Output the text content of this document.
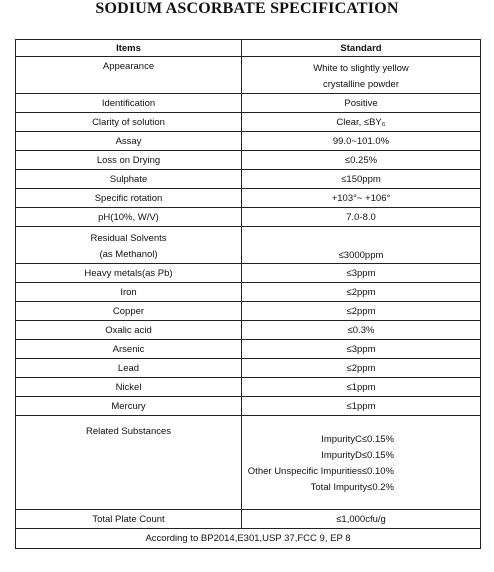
SODIUM ASCORBATE SPECIFICATION
Items	Standard
Appearance	White to slightly yellow
crystalline powder

Identification	Positive
Clarity of solution	Clear, ≤BY₆
Assay	99.0~101.0%
Loss on Drying	≤0.25%
Sulphate	≤150ppm
Specific rotation	+103°~ +106°
pH(10%, W/V)	7.0-8.0

Residual Solvents
(as Methanol)	≤3000ppm
Heavy metals(as Pb)	≤3ppm
Iron	≤2ppm
Copper	≤2ppm
Oxalic acid	≤0.3%
Arsenic	≤3ppm
Lead	≤2ppm
Nickel	≤1ppm
Mercury	≤1ppm
Related Substances	ImpurityC≤0.15%
ImpurityD≤0.15%
Other Unspecific Impurities≤0.10%
Total Impurity≤0.2%

Total Plate Count	≤1,000cfu/g
According to BP2014,E301,USP 37,FCC 9, EP 8	
